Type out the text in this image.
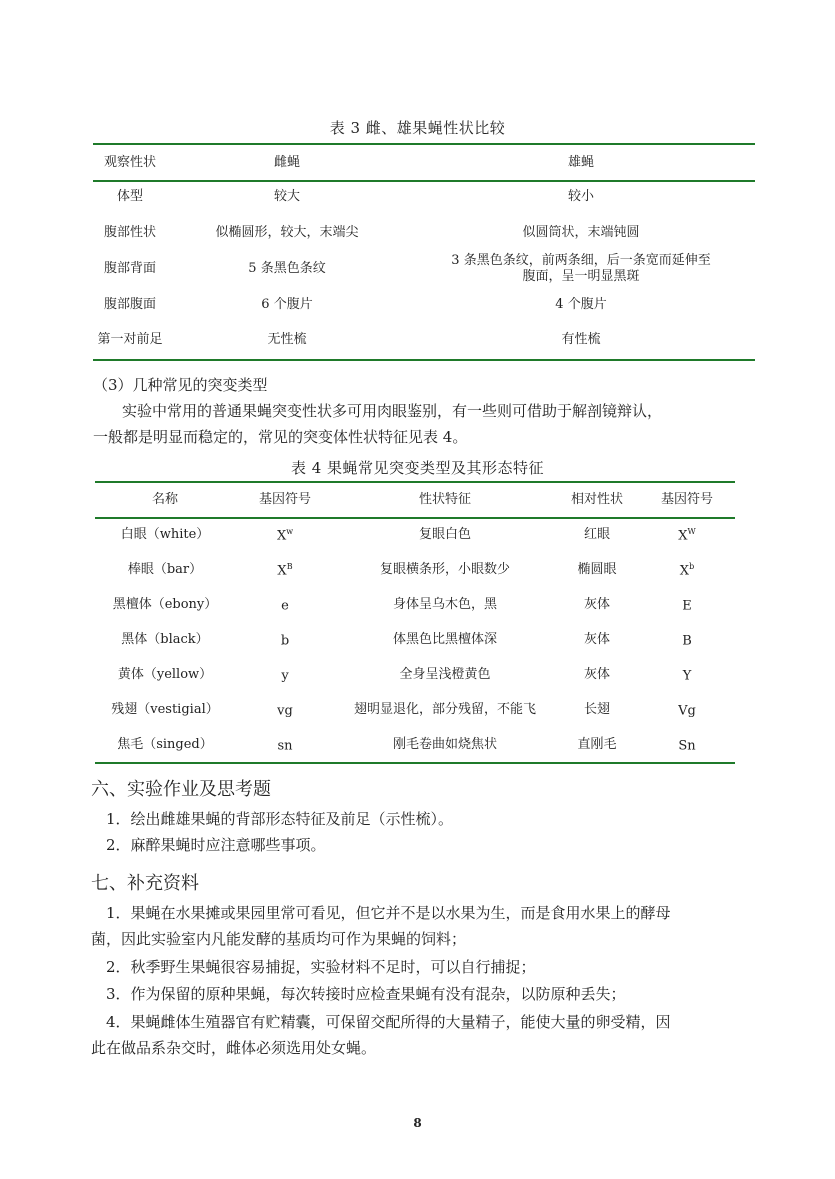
表 3 雌、雄果蝇性状比较
观察性状	雌蝇	雄蝇
体型	较大	较小
腹部性状	似椭圆形，较大，末端尖	似圆筒状，末端钝圆
腹部背面	5 条黑色条纹	3 条黑色条纹，前两条细，后一条宽而延伸至腹面，呈一明显黑斑
腹部腹面	6 个腹片	4 个腹片
第一对前足	无性梳	有性梳
（3）几种常见的突变类型
实验中常用的普通果蝇突变性状多可用肉眼鉴别，有一些则可借助于解剖镜辩认，
一般都是明显而稳定的，常见的突变体性状特征见表 4。
表 4 果蝇常见突变类型及其形态特征
名称	基因符号	性状特征	相对性状	基因符号
白眼（white）	$X^w$	复眼白色	红眼	$X^W$
棒眼（bar）	$X^B$	复眼横条形，小眼数少	椭圆眼	$X^b$
黑檀体（ebony）	e	身体呈乌木色，黑	灰体	E
黑体（black）	b	体黑色比黑檀体深	灰体	B
黄体（yellow）	y	全身呈浅橙黄色	灰体	Y
残翅（vestigial）	vg	翅明显退化，部分残留，不能飞	长翅	Vg
焦毛（singed）	sn	刚毛卷曲如烧焦状	直刚毛	Sn
六、实验作业及思考题
1．绘出雌雄果蝇的背部形态特征及前足（示性梳）。
2．麻醉果蝇时应注意哪些事项。
七、补充资料
1．果蝇在水果摊或果园里常可看见，但它并不是以水果为生，而是食用水果上的酵母
菌，因此实验室内凡能发酵的基质均可作为果蝇的饲料；
2．秋季野生果蝇很容易捕捉，实验材料不足时，可以自行捕捉；
3．作为保留的原种果蝇，每次转接时应检查果蝇有没有混杂，以防原种丢失；
4．果蝇雌体生殖器官有贮精囊，可保留交配所得的大量精子，能使大量的卵受精，因
此在做品系杂交时，雌体必须选用处女蝇。
8
